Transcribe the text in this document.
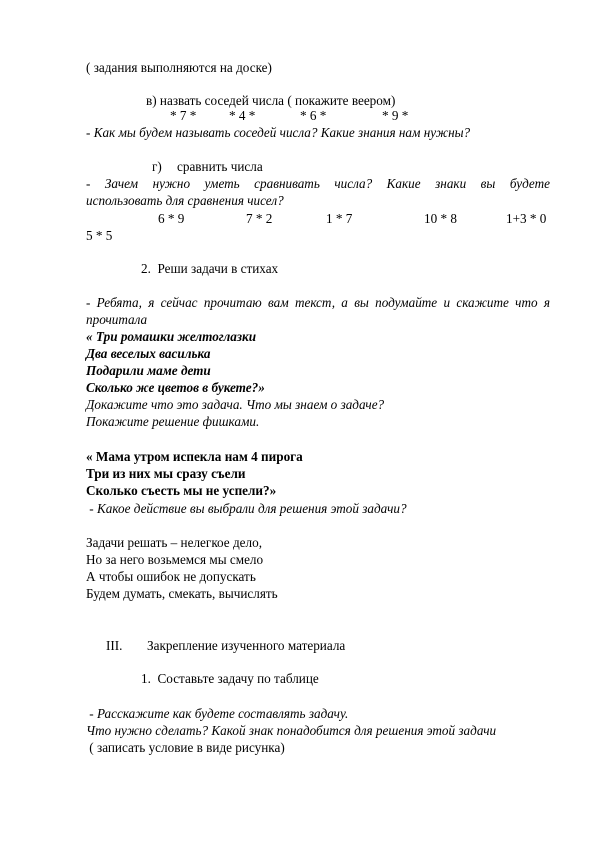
( задания выполняются на доске)
в) назвать соседей числа ( покажите веером)
* 7 * * 4 *	* 6 *	* 9 *
- Как мы будем называть соседей числа? Какие знания нам нужны?
г) сравнить числа
- Зачем нужно уметь сравнивать числа? Какие знаки вы будете
использовать для сравнения чисел?
6 * 9	7 * 2	1 * 7	10 * 8	1+3 * 0
5 * 5
2.  Реши задачи в стихах
- Ребята, я сейчас прочитаю вам текст, а вы подумайте и скажите что я
прочитала
« Три ромашки желтоглазки
Два веселых василька
Подарили маме дети
Сколько же цветов в букете?»
Докажите что это задача. Что мы знаем о задаче?
Покажите решение фишками.
« Мама утром испекла нам 4 пирога
Три из них мы сразу съели
Сколько съесть мы не успели?»
- Какое действие вы выбрали для решения этой задачи?
Задачи решать – нелегкое дело,
Но за него возьмемся мы смело
А чтобы ошибок не допускать
Будем думать, смекать, вычислять
III. Закрепление изученного материала
1.  Составьте задачу по таблице
- Расскажите как будете составлять задачу.
Что нужно сделать? Какой знак понадобится для решения этой задачи
( записать условие в виде рисунка)
